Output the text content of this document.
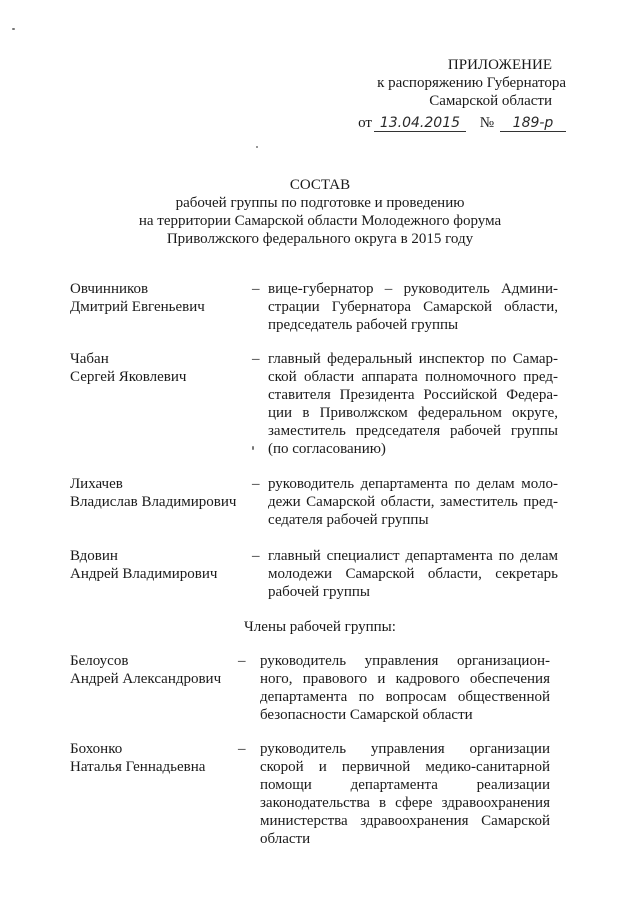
ПРИЛОЖЕНИЕ
к распоряжению Губернатора
Самарской области
от 13.04.2015 № 189-р
СОСТАВ
рабочей группы по подготовке и проведению
на территории Самарской области Молодежного форума
Приволжского федерального округа в 2015 году
Овчинников
Дмитрий Евгеньевич
– вице-губернатор – руководитель Админи-
страции Губернатора Самарской области,
председатель рабочей группы
Чабан
Сергей Яковлевич
– главный федеральный инспектор по Самар-
ской области аппарата полномочного пред-
ставителя Президента Российской Федера-
ции в Приволжском федеральном округе,
заместитель председателя рабочей группы
(по согласованию)
Лихачев
Владислав Владимирович
– руководитель департамента по делам моло-
дежи Самарской области, заместитель пред-
седателя рабочей группы
Вдовин
Андрей Владимирович
– главный специалист департамента по делам
молодежи Самарской области, секретарь
рабочей группы
Члены рабочей группы:
Белоусов
Андрей Александрович
– руководитель управления организацион-
ного, правового и кадрового обеспечения
департамента по вопросам общественной
безопасности Самарской области
Бохонко
Наталья Геннадьевна
– руководитель управления организации
скорой и первичной медико-санитарной
помощи департамента реализации
законодательства в сфере здравоохранения
министерства здравоохранения Самарской
области
